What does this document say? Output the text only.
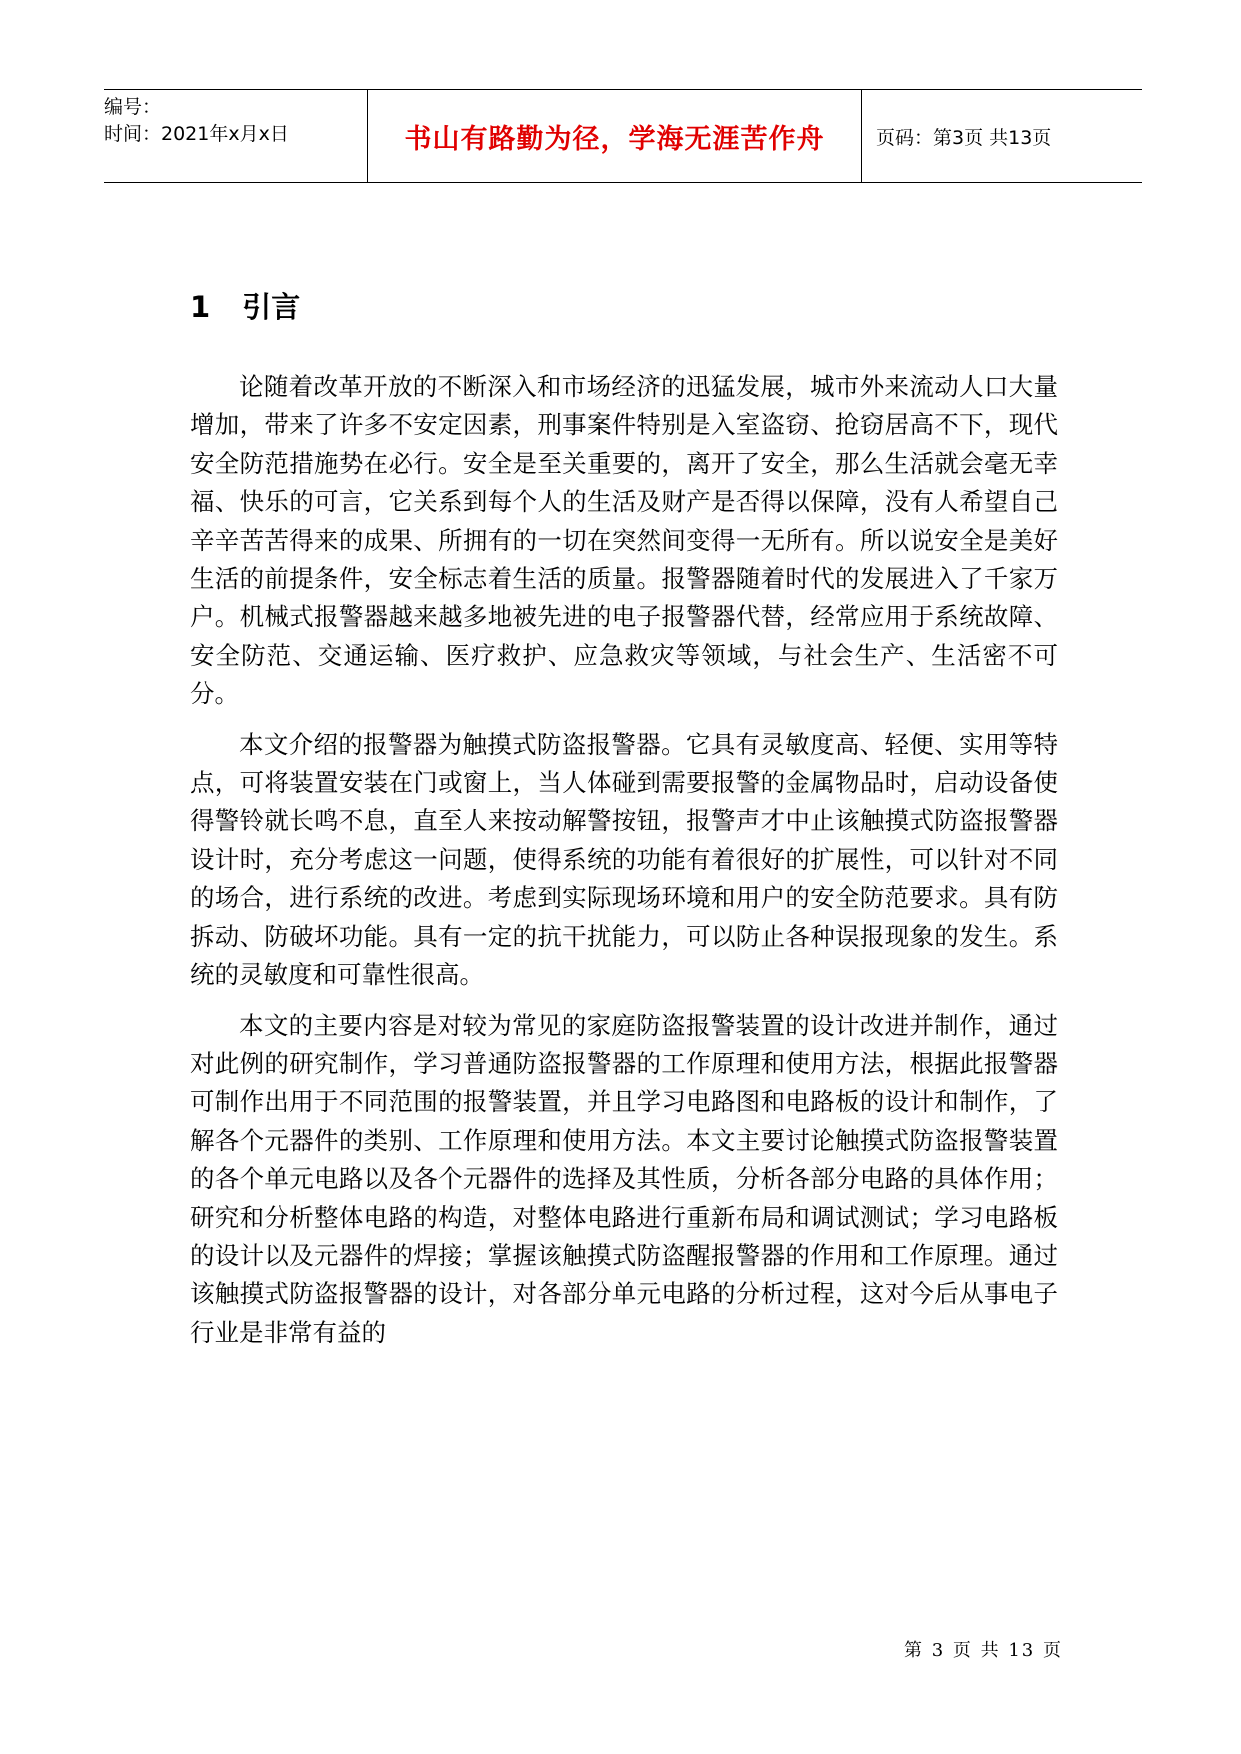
编号：
时间：2021年x月x日	书山有路勤为径，学海无涯苦作舟	页码：第3页 共13页
1 引言

论随着改革开放的不断深入和市场经济的迅猛发展，城市外来流动人口大量增加，带来了许多不安定因素，刑事案件特别是入室盗窃、抢窃居高不下，现代安全防范措施势在必行。安全是至关重要的，离开了安全，那么生活就会毫无幸福、快乐的可言，它关系到每个人的生活及财产是否得以保障，没有人希望自己辛辛苦苦得来的成果、所拥有的一切在突然间变得一无所有。所以说安全是美好生活的前提条件，安全标志着生活的质量。报警器随着时代的发展进入了千家万户。机械式报警器越来越多地被先进的电子报警器代替，经常应用于系统故障、安全防范、交通运输、医疗救护、应急救灾等领域，与社会生产、生活密不可分。

本文介绍的报警器为触摸式防盗报警器。它具有灵敏度高、轻便、实用等特点，可将装置安装在门或窗上，当人体碰到需要报警的金属物品时，启动设备使得警铃就长鸣不息，直至人来按动解警按钮，报警声才中止该触摸式防盗报警器设计时，充分考虑这一问题，使得系统的功能有着很好的扩展性，可以针对不同的场合，进行系统的改进。考虑到实际现场环境和用户的安全防范要求。具有防拆动、防破坏功能。具有一定的抗干扰能力，可以防止各种误报现象的发生。系统的灵敏度和可靠性很高。

本文的主要内容是对较为常见的家庭防盗报警装置的设计改进并制作，通过对此例的研究制作，学习普通防盗报警器的工作原理和使用方法，根据此报警器可制作出用于不同范围的报警装置，并且学习电路图和电路板的设计和制作，了解各个元器件的类别、工作原理和使用方法。本文主要讨论触摸式防盗报警装置的各个单元电路以及各个元器件的选择及其性质，分析各部分电路的具体作用；研究和分析整体电路的构造，对整体电路进行重新布局和调试测试；学习电路板的设计以及元器件的焊接；掌握该触摸式防盗醒报警器的作用和工作原理。通过该触摸式防盗报警器的设计，对各部分单元电路的分析过程，这对今后从事电子行业是非常有益的

第 3 页 共 13 页
